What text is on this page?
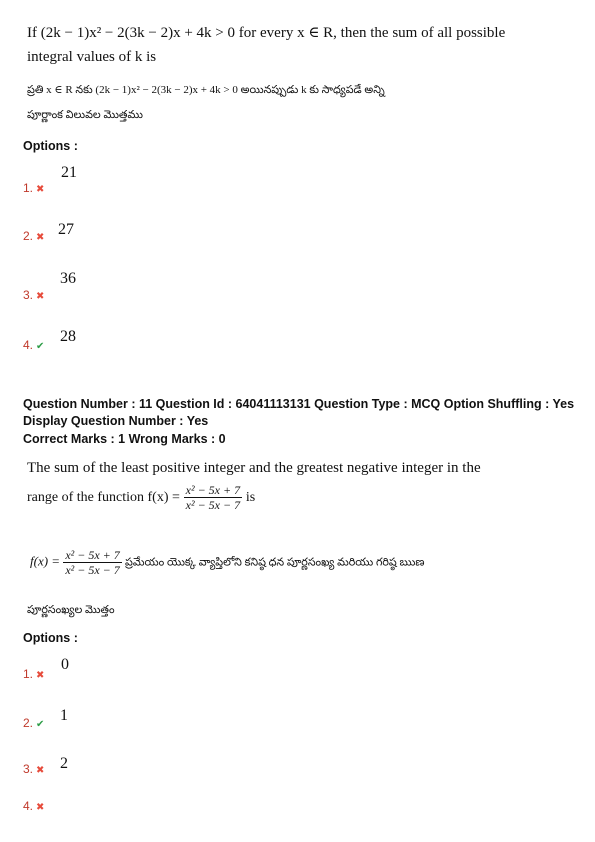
If (2k − 1)x² − 2(3k − 2)x + 4k > 0 for every x ∈ R, then the sum of all possible
integral values of k is
ప్రతి x ∈ R నకు (2k − 1)x² − 2(3k − 2)x + 4k > 0 అయినప్పుడు k కు సాధ్యపడే అన్ని
పూర్ణాంక విలువల మొత్తము
Options :
21
1. ✖
2. ✖ 27
36
3. ✖
28
4. ✔
Question Number : 11 Question Id : 64041113131 Question Type : MCQ Option Shuffling : Yes
Display Question Number : Yes
Correct Marks : 1 Wrong Marks : 0
The sum of the least positive integer and the greatest negative integer in the
range of the function $f(x) = \frac{\text{x² − 5x + 7}}{\text{x² − 5x − 7}}$ is
$f(x) = \frac{\text{x² − 5x + 7}}{\text{x² − 5x − 7}}$ ప్రమేయం యొక్క వ్యాప్తిలోని కనిష్ఠ ధన పూర్ణసంఖ్య మరియు గరిష్ఠ ఋణ
పూర్ణసంఖ్యల మొత్తం
Options :
0
1. ✖
1
2. ✔
2
3. ✖
4. ✖
